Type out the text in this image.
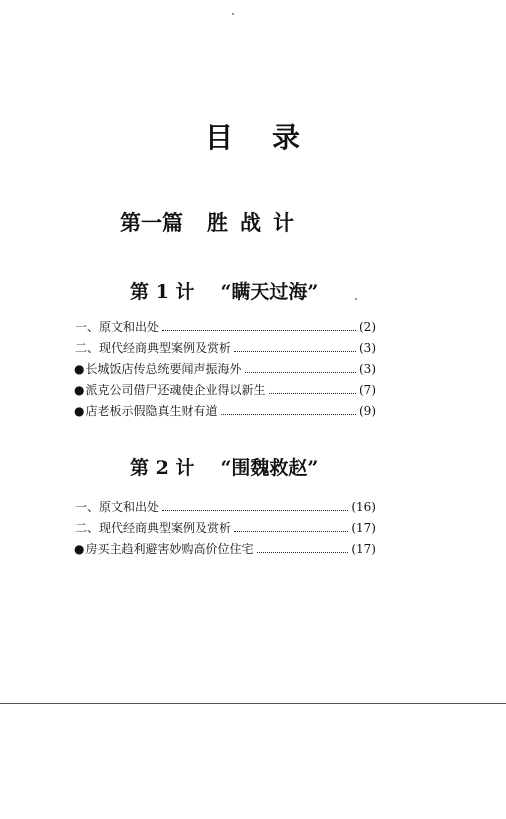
目 录
第一篇 胜 战 计
第 1 计 “瞒天过海”
一、原文和出处	(2)
二、现代经商典型案例及赏析	(3)
● 长城饭店传总统要闻声振海外	(3)
● 派克公司借尸还魂使企业得以新生	(7)
● 店老板示假隐真生财有道	(9)
第 2 计 “围魏救赵”
一、原文和出处	(16)
二、现代经商典型案例及赏析	(17)
● 房买主趋利避害妙购高价位住宅	(17)
